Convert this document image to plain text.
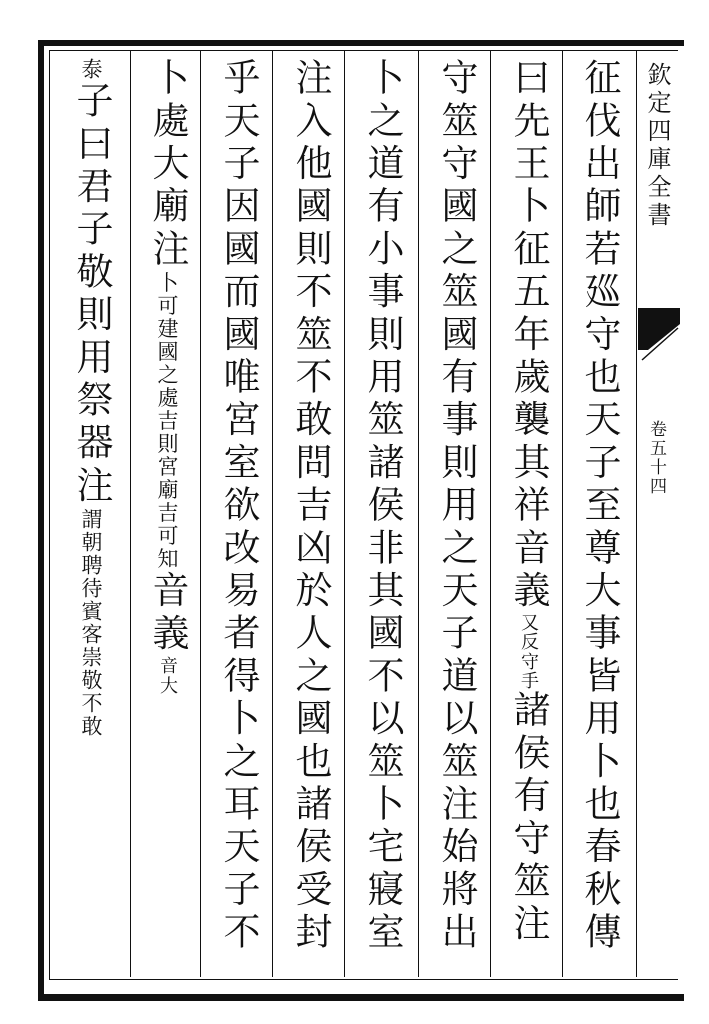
征伐出師若廵守也天子至尊大事皆用卜也春秋傳
曰先王卜征五年歲襲其祥音義
守手
又反
諸侯有守筮注
守筮守國之筮國有事則用之天子道以筮注始將出
卜之道有小事則用筮諸侯非其國不以筮卜宅寢室
注入他國則不筮不敢問吉凶於人之國也諸侯受封
乎天子因國而國唯宮室欲改易者得卜之耳天子不
卜處大廟注卜可建國之處吉則宮廟吉可知音義
大
音
泰子曰君子敬則用祭器注謂朝聘待賓客崇敬不敢
欽定四庫全書
卷五十四
